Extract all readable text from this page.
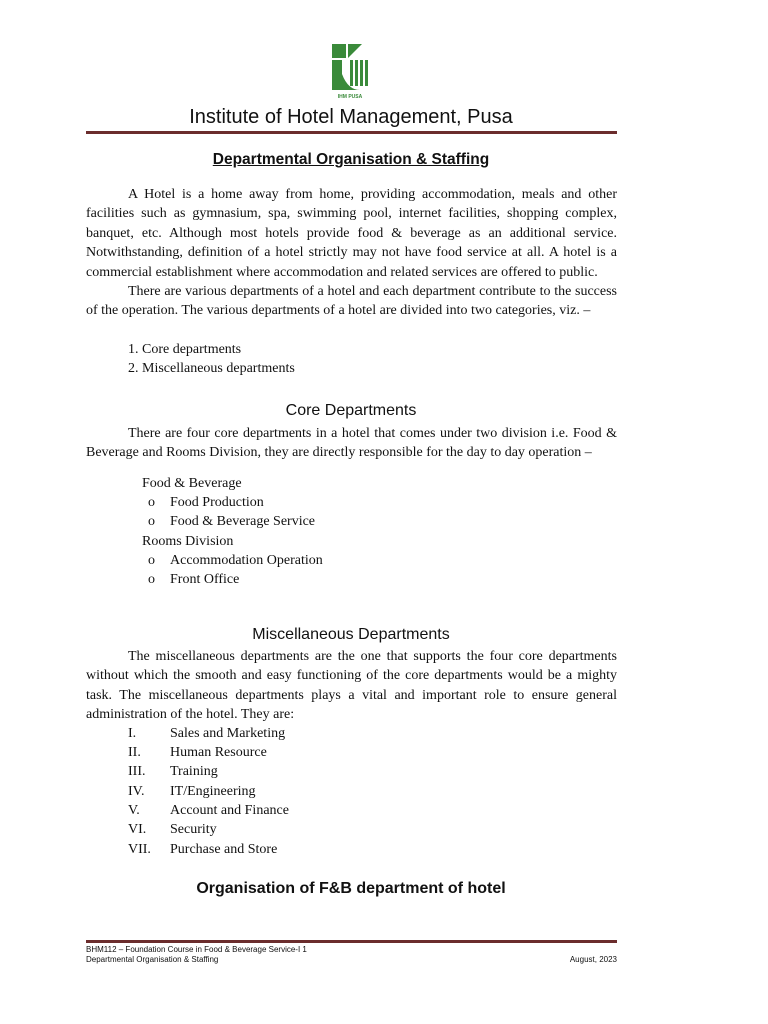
IHM PUSA
Institute of Hotel Management, Pusa
Departmental Organisation & Staffing

A Hotel is a home away from home, providing accommodation, meals and other facilities such as gymnasium, spa, swimming pool, internet facilities, shopping complex, banquet, etc. Although most hotels provide food & beverage as an additional service. Notwithstanding, definition of a hotel strictly may not have food service at all. A hotel is a commercial establishment where accommodation and related services are offered to public.

There are various departments of a hotel and each department contribute to the success of the operation. The various departments of a hotel are divided into two categories, viz. –

1. Core departments

2. Miscellaneous departments

Core Departments

There are four core departments in a hotel that comes under two division i.e. Food & Beverage and Rooms Division, they are directly responsible for the day to day operation –

Food & Beverage
o	Food Production
o	Food & Beverage Service
Rooms Division
o	Accommodation Operation
o	Front Office
Miscellaneous Departments

The miscellaneous departments are the one that supports the four core departments without which the smooth and easy functioning of the core departments would be a mighty task. The miscellaneous departments plays a vital and important role to ensure general administration of the hotel. They are:

I.	Sales and Marketing
II.	Human Resource
III.	Training
IV.	IT/Engineering
V.	Account and Finance
VI.	Security
VII.	Purchase and Store
Organisation of F&B department of hotel
BHM112 – Foundation Course in Food & Beverage Service-I 1
Departmental Organisation & Staffing	August, 2023
